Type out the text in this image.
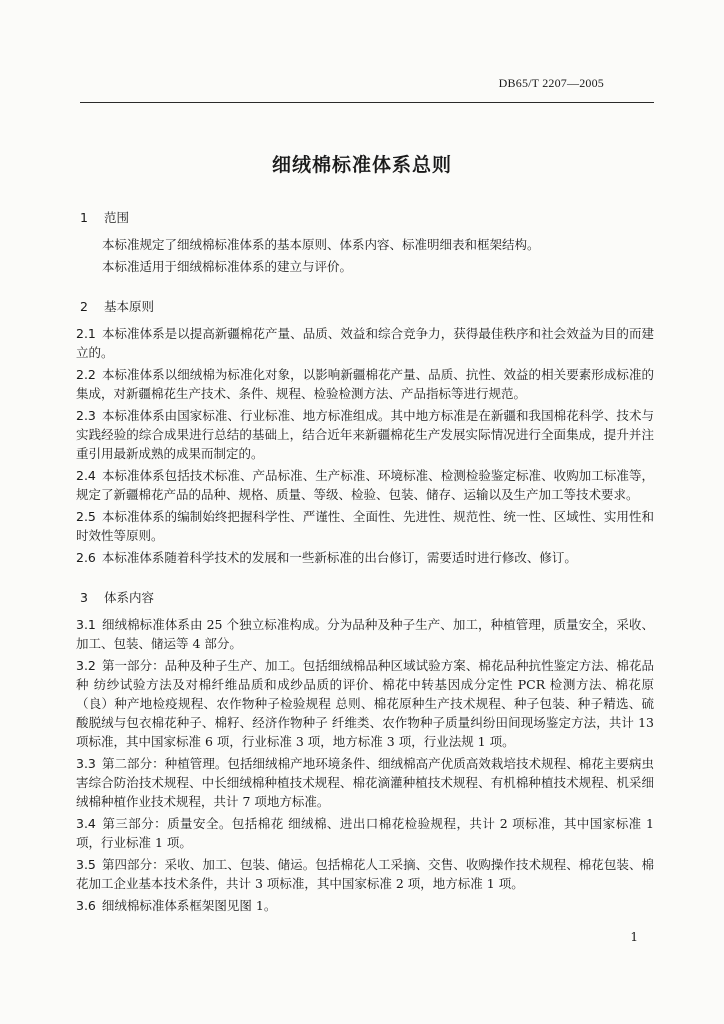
DB65/T 2207—2005
细绒棉标准体系总则
1 范围

本标准规定了细绒棉标准体系的基本原则、体系内容、标准明细表和框架结构。

本标准适用于细绒棉标准体系的建立与评价。

2 基本原则

2.1 本标准体系是以提高新疆棉花产量、品质、效益和综合竞争力，获得最佳秩序和社会效益为目的而建立的。

2.2 本标准体系以细绒棉为标准化对象，以影响新疆棉花产量、品质、抗性、效益的相关要素形成标准的集成，对新疆棉花生产技术、条件、规程、检验检测方法、产品指标等进行规范。

2.3 本标准体系由国家标准、行业标准、地方标准组成。其中地方标准是在新疆和我国棉花科学、技术与实践经验的综合成果进行总结的基础上，结合近年来新疆棉花生产发展实际情况进行全面集成，提升并注重引用最新成熟的成果而制定的。

2.4 本标准体系包括技术标准、产品标准、生产标准、环境标准、检测检验鉴定标准、收购加工标准等，规定了新疆棉花产品的品种、规格、质量、等级、检验、包装、储存、运输以及生产加工等技术要求。

2.5 本标准体系的编制始终把握科学性、严谨性、全面性、先进性、规范性、统一性、区域性、实用性和时效性等原则。

2.6 本标准体系随着科学技术的发展和一些新标准的出台修订，需要适时进行修改、修订。

3 体系内容

3.1 细绒棉标准体系由 25 个独立标准构成。分为品种及种子生产、加工，种植管理，质量安全，采收、加工、包装、储运等 4 部分。

3.2 第一部分：品种及种子生产、加工。包括细绒棉品种区域试验方案、棉花品种抗性鉴定方法、棉花品种 纺纱试验方法及对棉纤维品质和成纱品质的评价、棉花中转基因成分定性 PCR 检测方法、棉花原（良）种产地检疫规程、农作物种子检验规程 总则、棉花原种生产技术规程、种子包装、种子精选、硫酸脱绒与包衣棉花种子、棉籽、经济作物种子 纤维类、农作物种子质量纠纷田间现场鉴定方法，共计 13 项标准，其中国家标准 6 项，行业标准 3 项，地方标准 3 项，行业法规 1 项。

3.3 第二部分：种植管理。包括细绒棉产地环境条件、细绒棉高产优质高效栽培技术规程、棉花主要病虫害综合防治技术规程、中长细绒棉种植技术规程、棉花滴灌种植技术规程、有机棉种植技术规程、机采细绒棉种植作业技术规程，共计 7 项地方标准。

3.4 第三部分：质量安全。包括棉花 细绒棉、进出口棉花检验规程，共计 2 项标准，其中国家标准 1 项，行业标准 1 项。

3.5 第四部分：采收、加工、包装、储运。包括棉花人工采摘、交售、收购操作技术规程、棉花包装、棉花加工企业基本技术条件，共计 3 项标准，其中国家标准 2 项，地方标准 1 项。

3.6 细绒棉标准体系框架图见图 1。

1
